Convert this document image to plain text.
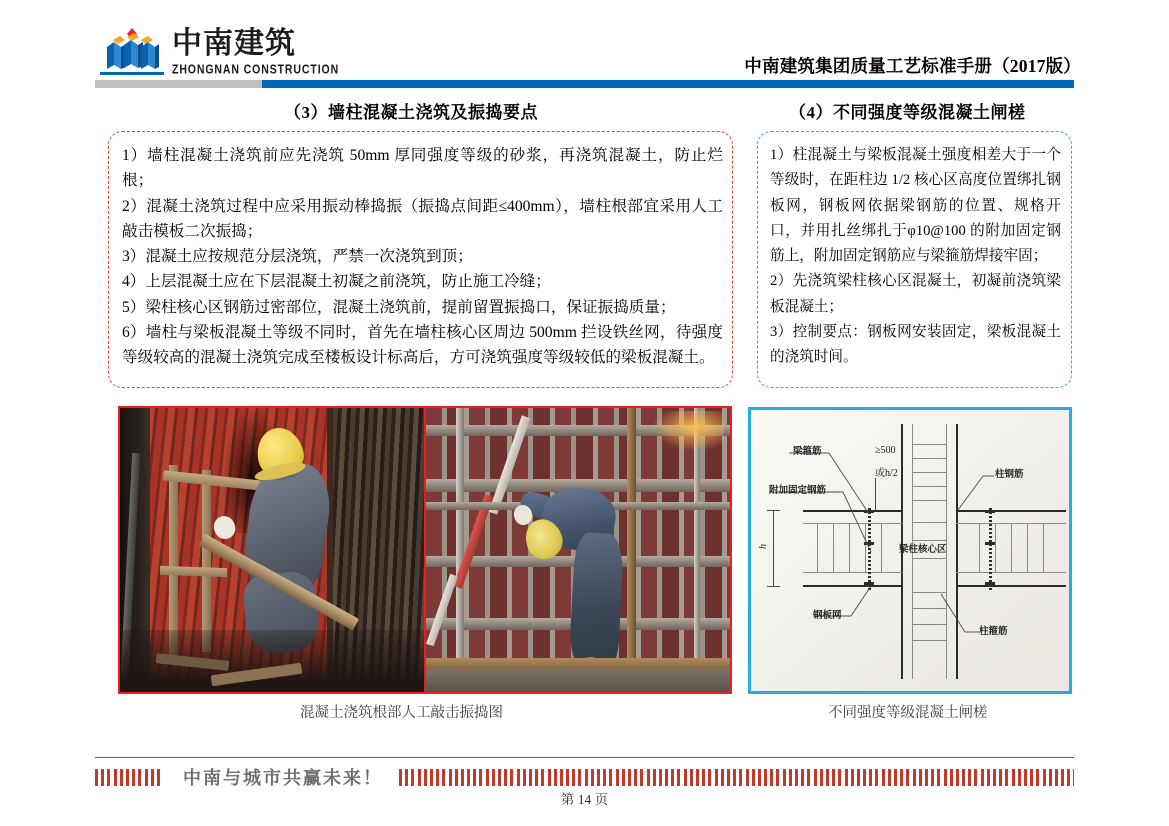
中南建筑
ZHONGNAN CONSTRUCTION	中南建筑集团质量工艺标准手册（2017版）
（3）墙柱混凝土浇筑及振捣要点	（4）不同强度等级混凝土闸槎

1）墙柱混凝土浇筑前应先浇筑 50mm 厚同强度等级的砂浆，再浇筑混凝土，防止烂根；

2）混凝土浇筑过程中应采用振动棒捣振（振捣点间距≤400mm），墙柱根部宜采用人工敲击模板二次振捣；

3）混凝土应按规范分层浇筑，严禁一次浇筑到顶；

4）上层混凝土应在下层混凝土初凝之前浇筑，防止施工冷缝；

5）梁柱核心区钢筋过密部位，混凝土浇筑前，提前留置振捣口，保证振捣质量；

6）墙柱与梁板混凝土等级不同时，首先在墙柱核心区周边 500mm 拦设铁丝网，待强度等级较高的混凝土浇筑完成至楼板设计标高后，方可浇筑强度等级较低的梁板混凝土。

1）柱混凝土与梁板混凝土强度相差大于一个等级时，在距柱边 1/2 核心区高度位置绑扎钢板网，钢板网依据梁钢筋的位置、规格开口，并用扎丝绑扎于φ10@100 的附加固定钢筋上，附加固定钢筋应与梁箍筋焊接牢固；

2）先浇筑梁柱核心区混凝土，初凝前浇筑梁板混凝土；

3）控制要点：钢板网安装固定，梁板混凝土的浇筑时间。

混凝土浇筑根部人工敲击振捣图
h
≥500
或h/2
梁箍筋
附加固定钢筋
柱钢筋
梁柱核心区
钢板网
柱箍筋
不同强度等级混凝土闸槎
中南与城市共赢未来！
第 14 页
